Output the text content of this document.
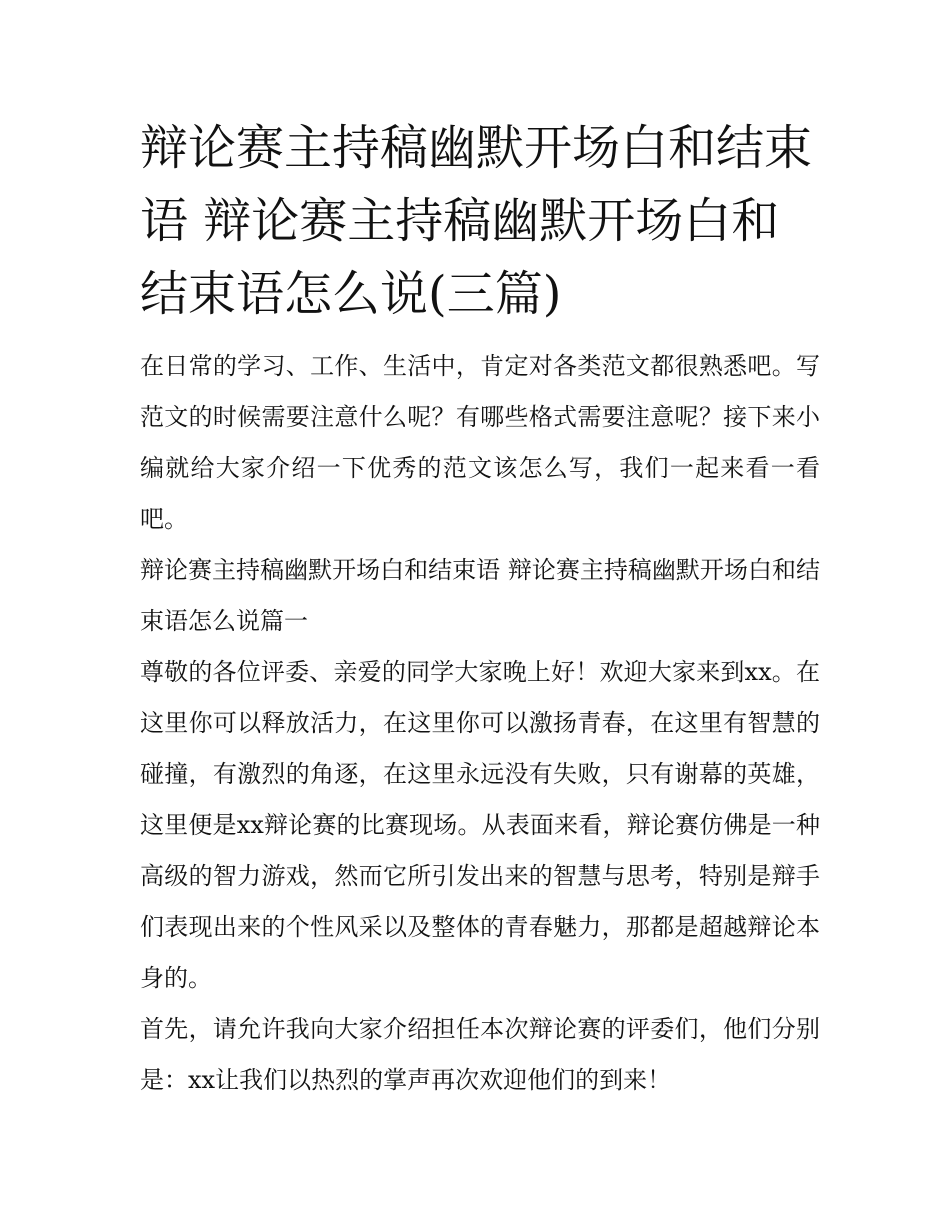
辩论赛主持稿幽默开场白和结束语 辩论赛主持稿幽默开场白和结束语怎么说(三篇)

在日常的学习、工作、生活中，肯定对各类范文都很熟悉吧。写范文的时候需要注意什么呢？有哪些格式需要注意呢？接下来小编就给大家介绍一下优秀的范文该怎么写，我们一起来看一看吧。

辩论赛主持稿幽默开场白和结束语 辩论赛主持稿幽默开场白和结束语怎么说篇一

尊敬的各位评委、亲爱的同学大家晚上好！欢迎大家来到xx。在这里你可以释放活力，在这里你可以激扬青春，在这里有智慧的碰撞，有激烈的角逐，在这里永远没有失败，只有谢幕的英雄，这里便是xx辩论赛的比赛现场。从表面来看，辩论赛仿佛是一种高级的智力游戏，然而它所引发出来的智慧与思考，特别是辩手们表现出来的个性风采以及整体的青春魅力，那都是超越辩论本身的。

首先，请允许我向大家介绍担任本次辩论赛的评委们，他们分别是：xx让我们以热烈的掌声再次欢迎他们的到来！
